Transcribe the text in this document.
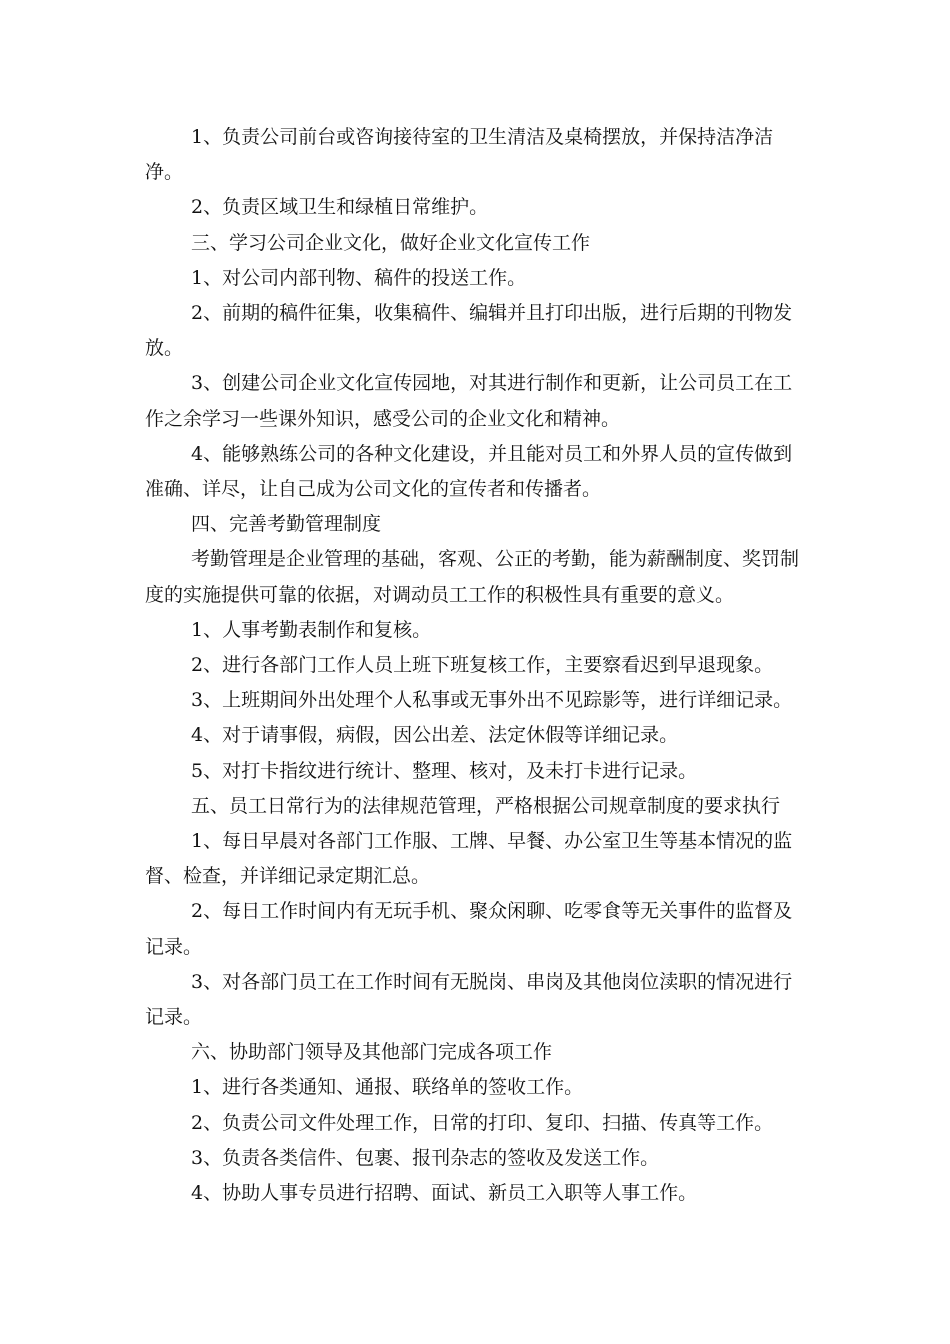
1、负责公司前台或咨询接待室的卫生清洁及桌椅摆放，并保持洁净洁净。

2、负责区域卫生和绿植日常维护。

三、学习公司企业文化，做好企业文化宣传工作

1、对公司内部刊物、稿件的投送工作。

2、前期的稿件征集，收集稿件、编辑并且打印出版，进行后期的刊物发放。

3、创建公司企业文化宣传园地，对其进行制作和更新，让公司员工在工作之余学习一些课外知识，感受公司的企业文化和精神。

4、能够熟练公司的各种文化建设，并且能对员工和外界人员的宣传做到准确、详尽，让自己成为公司文化的宣传者和传播者。

四、完善考勤管理制度

考勤管理是企业管理的基础，客观、公正的考勤，能为薪酬制度、奖罚制度的实施提供可靠的依据，对调动员工工作的积极性具有重要的意义。

1、人事考勤表制作和复核。

2、进行各部门工作人员上班下班复核工作，主要察看迟到早退现象。

3、上班期间外出处理个人私事或无事外出不见踪影等，进行详细记录。

4、对于请事假，病假，因公出差、法定休假等详细记录。

5、对打卡指纹进行统计、整理、核对，及未打卡进行记录。

五、员工日常行为的法律规范管理，严格根据公司规章制度的要求执行

1、每日早晨对各部门工作服、工牌、早餐、办公室卫生等基本情况的监督、检查，并详细记录定期汇总。

2、每日工作时间内有无玩手机、聚众闲聊、吃零食等无关事件的监督及记录。

3、对各部门员工在工作时间有无脱岗、串岗及其他岗位渎职的情况进行记录。

六、协助部门领导及其他部门完成各项工作

1、进行各类通知、通报、联络单的签收工作。

2、负责公司文件处理工作，日常的打印、复印、扫描、传真等工作。

3、负责各类信件、包裹、报刊杂志的签收及发送工作。

4、协助人事专员进行招聘、面试、新员工入职等人事工作。
